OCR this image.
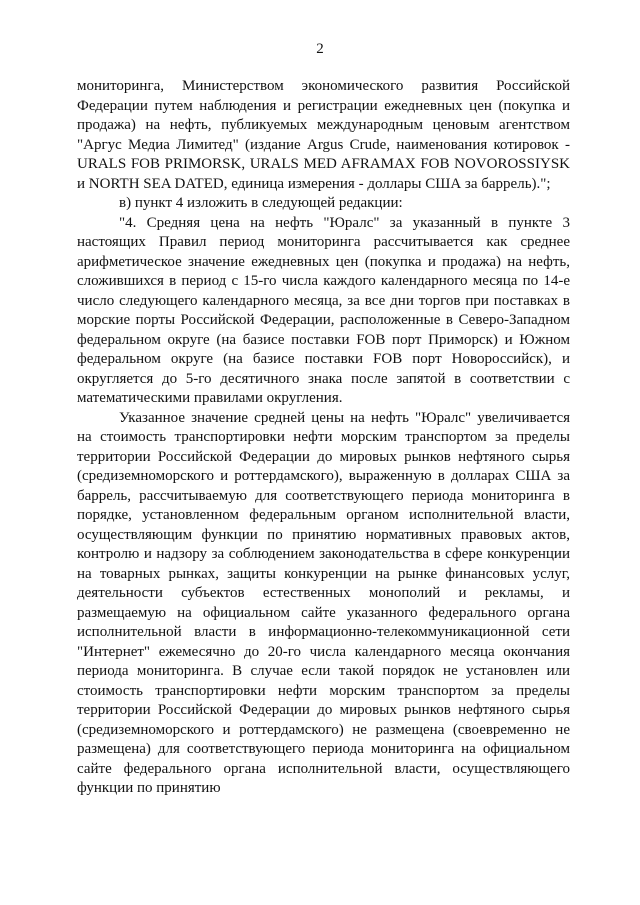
2

мониторинга, Министерством экономического развития Российской Федерации путем наблюдения и регистрации ежедневных цен (покупка и продажа) на нефть, публикуемых международным ценовым агентством "Аргус Медиа Лимитед" (издание Argus Crude, наименования котировок - URALS FOB PRIMORSK, URALS MED AFRAMAX FOB NOVOROSSIYSK и NORTH SEA DATED, единица измерения - доллары США за баррель).";

в) пункт 4 изложить в следующей редакции:

"4. Средняя цена на нефть "Юралс" за указанный в пункте 3 настоящих Правил период мониторинга рассчитывается как среднее арифметическое значение ежедневных цен (покупка и продажа) на нефть, сложившихся в период с 15-го числа каждого календарного месяца по 14-е число следующего календарного месяца, за все дни торгов при поставках в морские порты Российской Федерации, расположенные в Северо-Западном федеральном округе (на базисе поставки FOB порт Приморск) и Южном федеральном округе (на базисе поставки FOB порт Новороссийск), и округляется до 5-го десятичного знака после запятой в соответствии с математическими правилами округления.

Указанное значение средней цены на нефть "Юралс" увеличивается на стоимость транспортировки нефти морским транспортом за пределы территории Российской Федерации до мировых рынков нефтяного сырья (средиземноморского и роттердамского), выраженную в долларах США за баррель, рассчитываемую для соответствующего периода мониторинга в порядке, установленном федеральным органом исполнительной власти, осуществляющим функции по принятию нормативных правовых актов, контролю и надзору за соблюдением законодательства в сфере конкуренции на товарных рынках, защиты конкуренции на рынке финансовых услуг, деятельности субъектов естественных монополий и рекламы, и размещаемую на официальном сайте указанного федерального органа исполнительной власти в информационно-телекоммуникационной сети "Интернет" ежемесячно до 20-го числа календарного месяца окончания периода мониторинга. В случае если такой порядок не установлен или стоимость транспортировки нефти морским транспортом за пределы территории Российской Федерации до мировых рынков нефтяного сырья (средиземноморского и роттердамского) не размещена (своевременно не размещена) для соответствующего периода мониторинга на официальном сайте федерального органа исполнительной власти, осуществляющего функции по принятию
